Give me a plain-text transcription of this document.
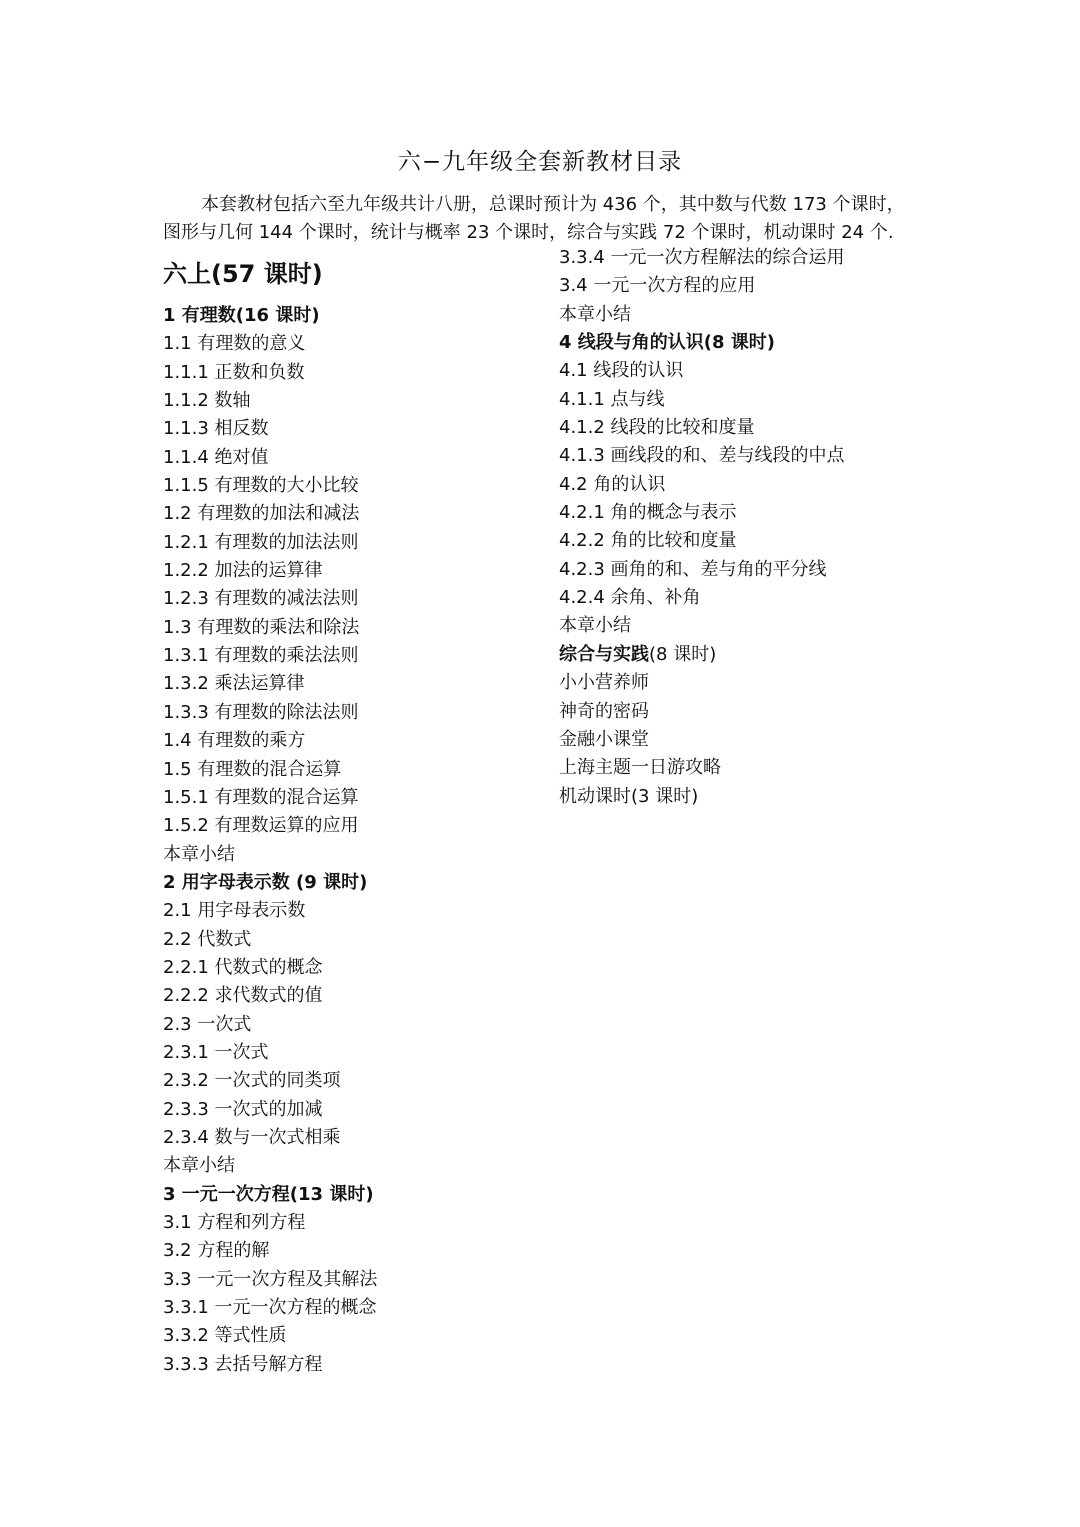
六−九年级全套新教材目录
本套教材包括六至九年级共计八册，总课时预计为 436 个，其中数与代数 173 个课时，
图形与几何 144 个课时，统计与概率 23 个课时，综合与实践 72 个课时，机动课时 24 个.
六上(57 课时)
1 有理数(16 课时)
1.1 有理数的意义
1.1.1 正数和负数
1.1.2 数轴
1.1.3 相反数
1.1.4 绝对值
1.1.5 有理数的大小比较
1.2 有理数的加法和减法
1.2.1 有理数的加法法则
1.2.2 加法的运算律
1.2.3 有理数的减法法则
1.3 有理数的乘法和除法
1.3.1 有理数的乘法法则
1.3.2 乘法运算律
1.3.3 有理数的除法法则
1.4 有理数的乘方
1.5 有理数的混合运算
1.5.1 有理数的混合运算
1.5.2 有理数运算的应用
本章小结
2 用字母表示数 (9 课时)
2.1 用字母表示数
2.2 代数式
2.2.1 代数式的概念
2.2.2 求代数式的值
2.3 一次式
2.3.1 一次式
2.3.2 一次式的同类项
2.3.3 一次式的加减
2.3.4 数与一次式相乘
本章小结
3 一元一次方程(13 课时)
3.1 方程和列方程
3.2 方程的解
3.3 一元一次方程及其解法
3.3.1 一元一次方程的概念
3.3.2 等式性质
3.3.3 去括号解方程
3.3.4 一元一次方程解法的综合运用
3.4 一元一次方程的应用
本章小结
4 线段与角的认识(8 课时)
4.1 线段的认识
4.1.1 点与线
4.1.2 线段的比较和度量
4.1.3 画线段的和、差与线段的中点
4.2 角的认识
4.2.1 角的概念与表示
4.2.2 角的比较和度量
4.2.3 画角的和、差与角的平分线
4.2.4 余角、补角
本章小结
综合与实践(8 课时)
小小营养师
神奇的密码
金融小课堂
上海主题一日游攻略
机动课时(3 课时)
